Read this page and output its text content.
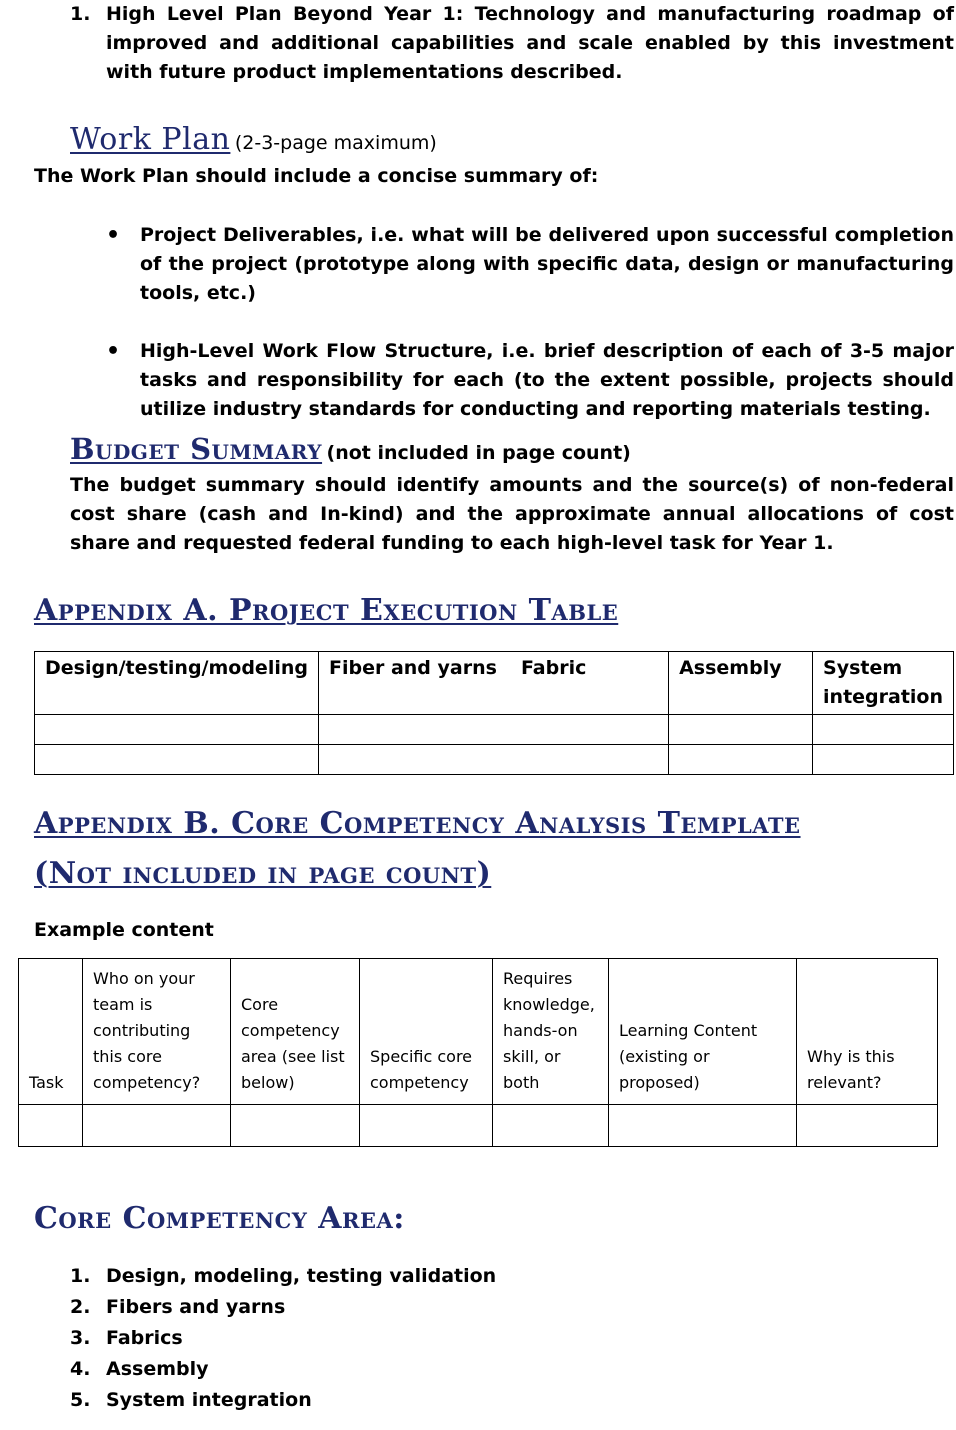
1. High Level Plan Beyond Year 1: Technology and manufacturing roadmap of improved and additional capabilities and scale enabled by this investment with future product implementations described.
Work Plan (2-3-page maximum)

The Work Plan should include a concise summary of:

•	Project Deliverables, i.e. what will be delivered upon successful completion of the project (prototype along with specific data, design or manufacturing tools, etc.)
•	High-Level Work Flow Structure, i.e. brief description of each of 3-5 major tasks and responsibility for each (to the extent possible, projects should utilize industry standards for conducting and reporting materials testing.
Budget Summary (not included in page count)

The budget summary should identify amounts and the source(s) of non-federal cost share (cash and In-kind) and the approximate annual allocations of cost share and requested federal funding to each high-level task for Year 1.

Appendix A. Project Execution Table
Design/testing/modeling	Fiber and yarns Fabric	Assembly	System integration

Appendix B. Core Competency Analysis Template
(Not included in page count)
Example content
Task	Who on your team is contributing this core competency?	Core competency area (see list below)	Specific core competency	Requires knowledge, hands-on skill, or both	Learning Content (existing or proposed)	Why is this relevant?

Core Competency Area:
1. Design, modeling, testing validation
2. Fibers and yarns
3. Fabrics
4. Assembly
5. System integration
